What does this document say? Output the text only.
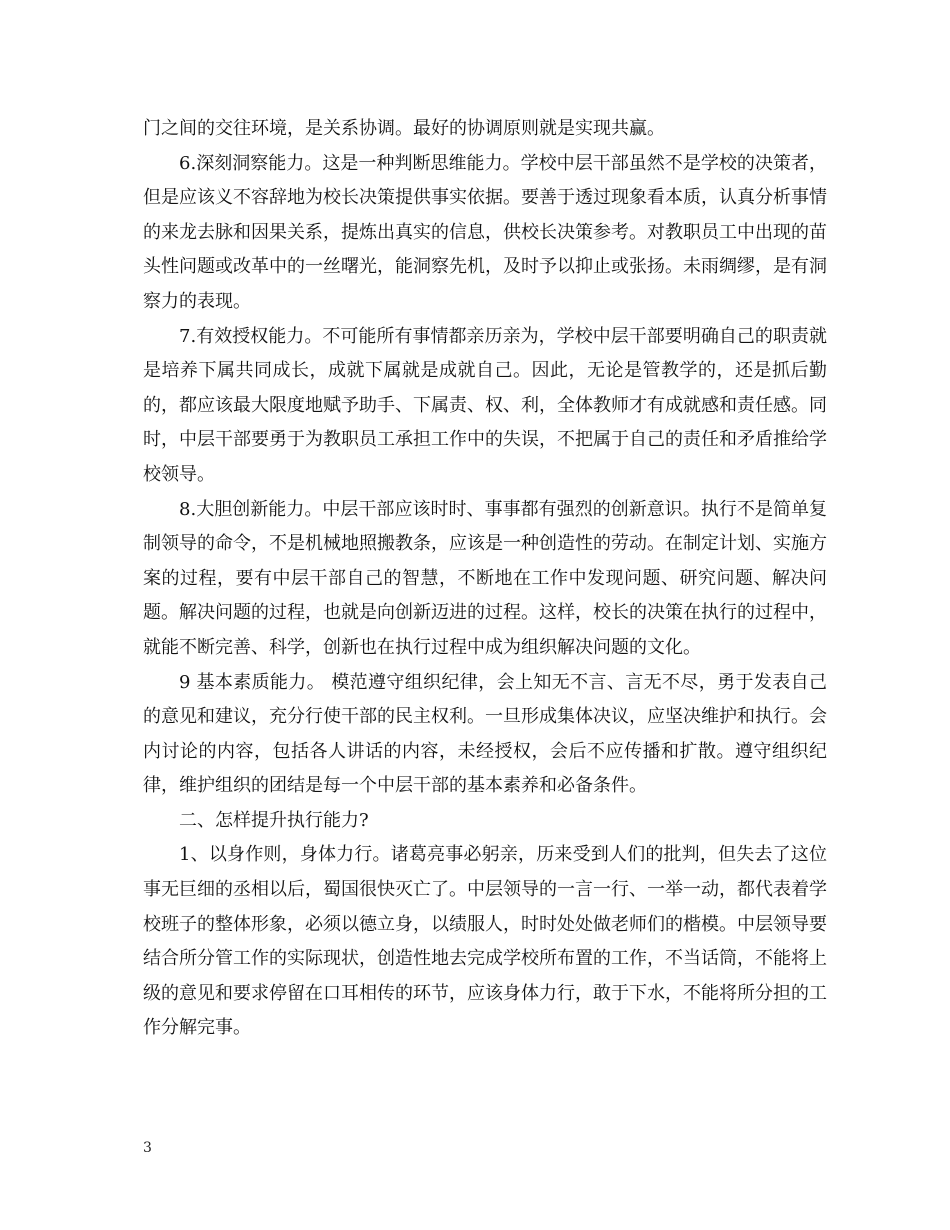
门之间的交往环境，是关系协调。最好的协调原则就是实现共赢。

6.深刻洞察能力。这是一种判断思维能力。学校中层干部虽然不是学校的决策者，但是应该义不容辞地为校长决策提供事实依据。要善于透过现象看本质，认真分析事情的来龙去脉和因果关系，提炼出真实的信息，供校长决策参考。对教职员工中出现的苗头性问题或改革中的一丝曙光，能洞察先机，及时予以抑止或张扬。未雨绸缪，是有洞察力的表现。

7.有效授权能力。不可能所有事情都亲历亲为，学校中层干部要明确自己的职责就是培养下属共同成长，成就下属就是成就自己。因此，无论是管教学的，还是抓后勤的，都应该最大限度地赋予助手、下属责、权、利，全体教师才有成就感和责任感。同时，中层干部要勇于为教职员工承担工作中的失误，不把属于自己的责任和矛盾推给学校领导。

8.大胆创新能力。中层干部应该时时、事事都有强烈的创新意识。执行不是简单复制领导的命令，不是机械地照搬教条，应该是一种创造性的劳动。在制定计划、实施方案的过程，要有中层干部自己的智慧，不断地在工作中发现问题、研究问题、解决问题。解决问题的过程，也就是向创新迈进的过程。这样，校长的决策在执行的过程中，就能不断完善、科学，创新也在执行过程中成为组织解决问题的文化。

9 基本素质能力。 模范遵守组织纪律，会上知无不言、言无不尽，勇于发表自己的意见和建议，充分行使干部的民主权利。一旦形成集体决议，应坚决维护和执行。会内讨论的内容，包括各人讲话的内容，未经授权，会后不应传播和扩散。遵守组织纪律，维护组织的团结是每一个中层干部的基本素养和必备条件。

二、怎样提升执行能力?

1、以身作则，身体力行。诸葛亮事必躬亲，历来受到人们的批判，但失去了这位事无巨细的丞相以后，蜀国很快灭亡了。中层领导的一言一行、一举一动，都代表着学校班子的整体形象，必须以德立身，以绩服人，时时处处做老师们的楷模。中层领导要结合所分管工作的实际现状，创造性地去完成学校所布置的工作，不当话筒，不能将上级的意见和要求停留在口耳相传的环节，应该身体力行，敢于下水，不能将所分担的工作分解完事。

3
